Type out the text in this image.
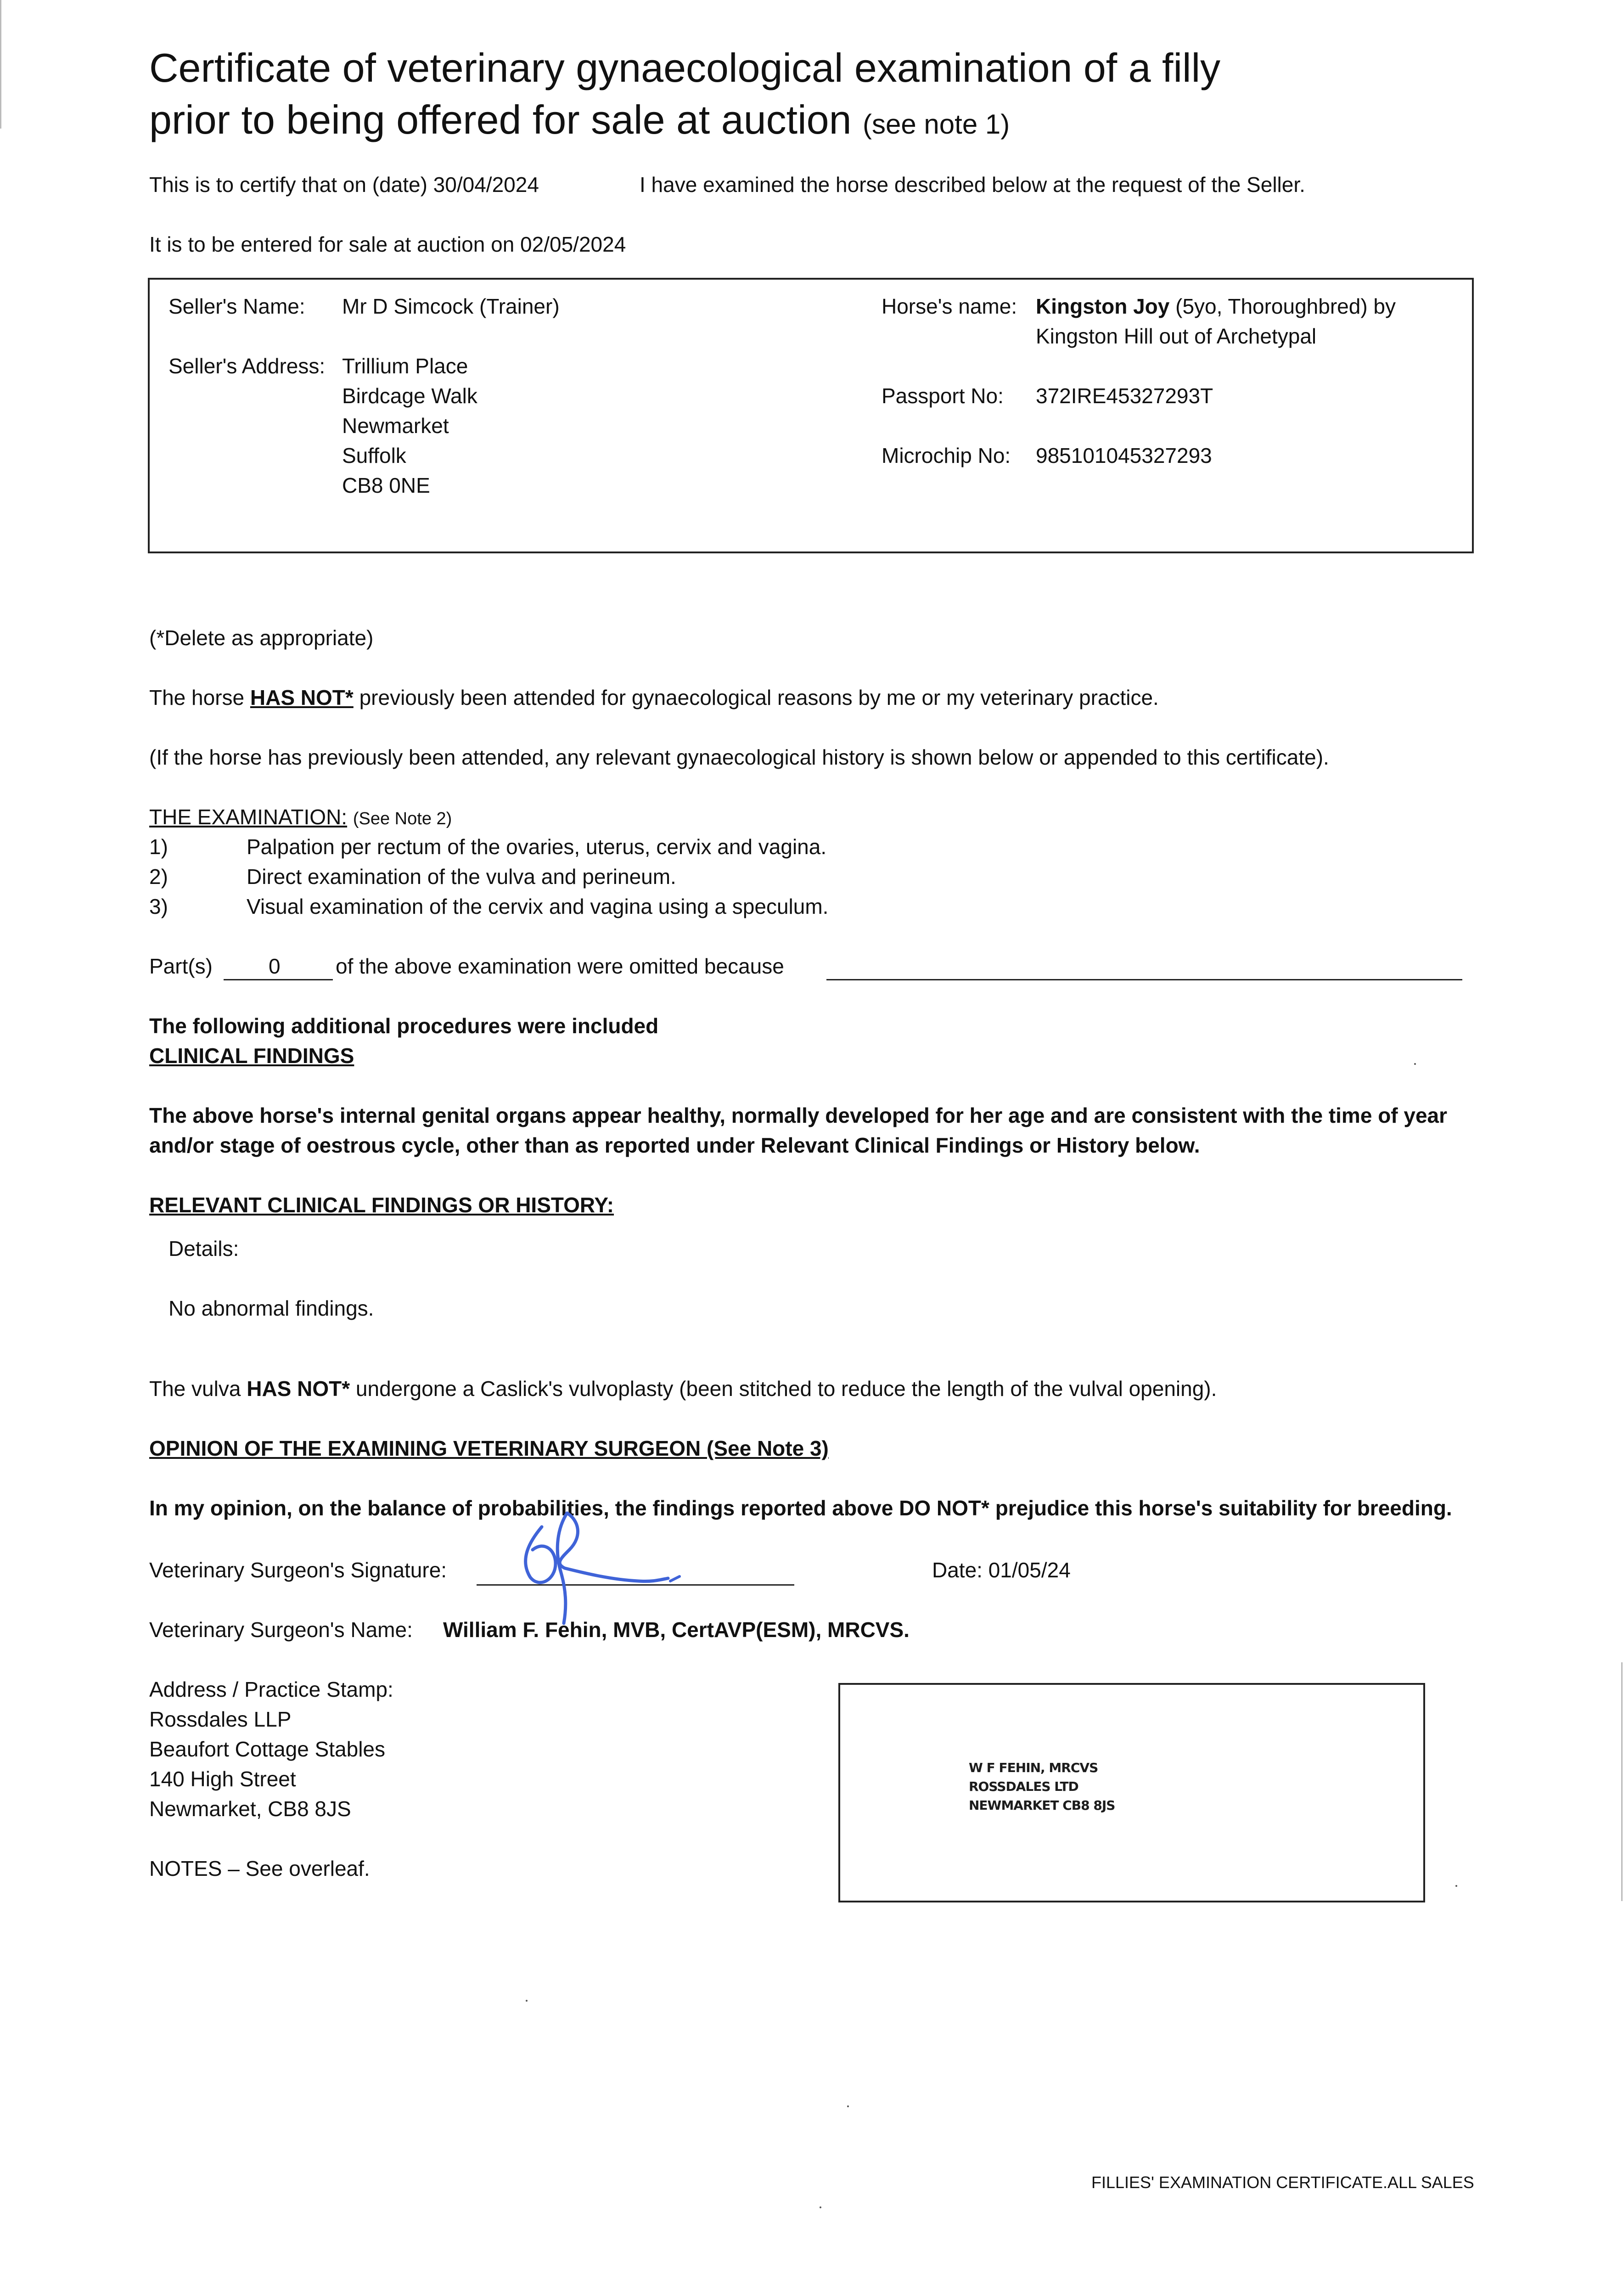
Certificate of veterinary gynaecological examination of a filly
prior to being offered for sale at auction (see note 1)
This is to certify that on (date) 30/04/2024	I have examined the horse described below at the request of the Seller.
It is to be entered for sale at auction on 02/05/2024
Seller's Name: Mr D Simcock (Trainer)
Seller's Address: Trillium Place
Birdcage Walk
Newmarket
Suffolk
CB8 0NE
Horse's name: Kingston Joy (5yo, Thoroughbred) by
Kingston Hill out of Archetypal
Passport No: 372IRE45327293T
Microchip No: 985101045327293
(*Delete as appropriate)
The horse HAS NOT* previously been attended for gynaecological reasons by me or my veterinary practice.
(If the horse has previously been attended, any relevant gynaecological history is shown below or appended to this certificate).
THE EXAMINATION: (See Note 2)
1)	Palpation per rectum of the ovaries, uterus, cervix and vagina.
2)	Direct examination of the vulva and perineum.
3)	Visual examination of the cervix and vagina using a speculum.
Part(s)	0	of the above examination were omitted because
The following additional procedures were included
CLINICAL FINDINGS
The above horse's internal genital organs appear healthy, normally developed for her age and are consistent with the time of year
and/or stage of oestrous cycle, other than as reported under Relevant Clinical Findings or History below.
RELEVANT CLINICAL FINDINGS OR HISTORY:
Details:
No abnormal findings.
The vulva HAS NOT* undergone a Caslick's vulvoplasty (been stitched to reduce the length of the vulval opening).
OPINION OF THE EXAMINING VETERINARY SURGEON (See Note 3)
In my opinion, on the balance of probabilities, the findings reported above DO NOT* prejudice this horse's suitability for breeding.
Veterinary Surgeon's Signature:	Date: 01/05/24
Veterinary Surgeon's Name: William F. Fehin, MVB, CertAVP(ESM), MRCVS.
Address / Practice Stamp:
Rossdales LLP
Beaufort Cottage Stables
140 High Street
Newmarket, CB8 8JS
NOTES – See overleaf.
W F FEHIN, MRCVS
ROSSDALES LTD
NEWMARKET CB8 8JS
FILLIES' EXAMINATION CERTIFICATE.ALL SALES
